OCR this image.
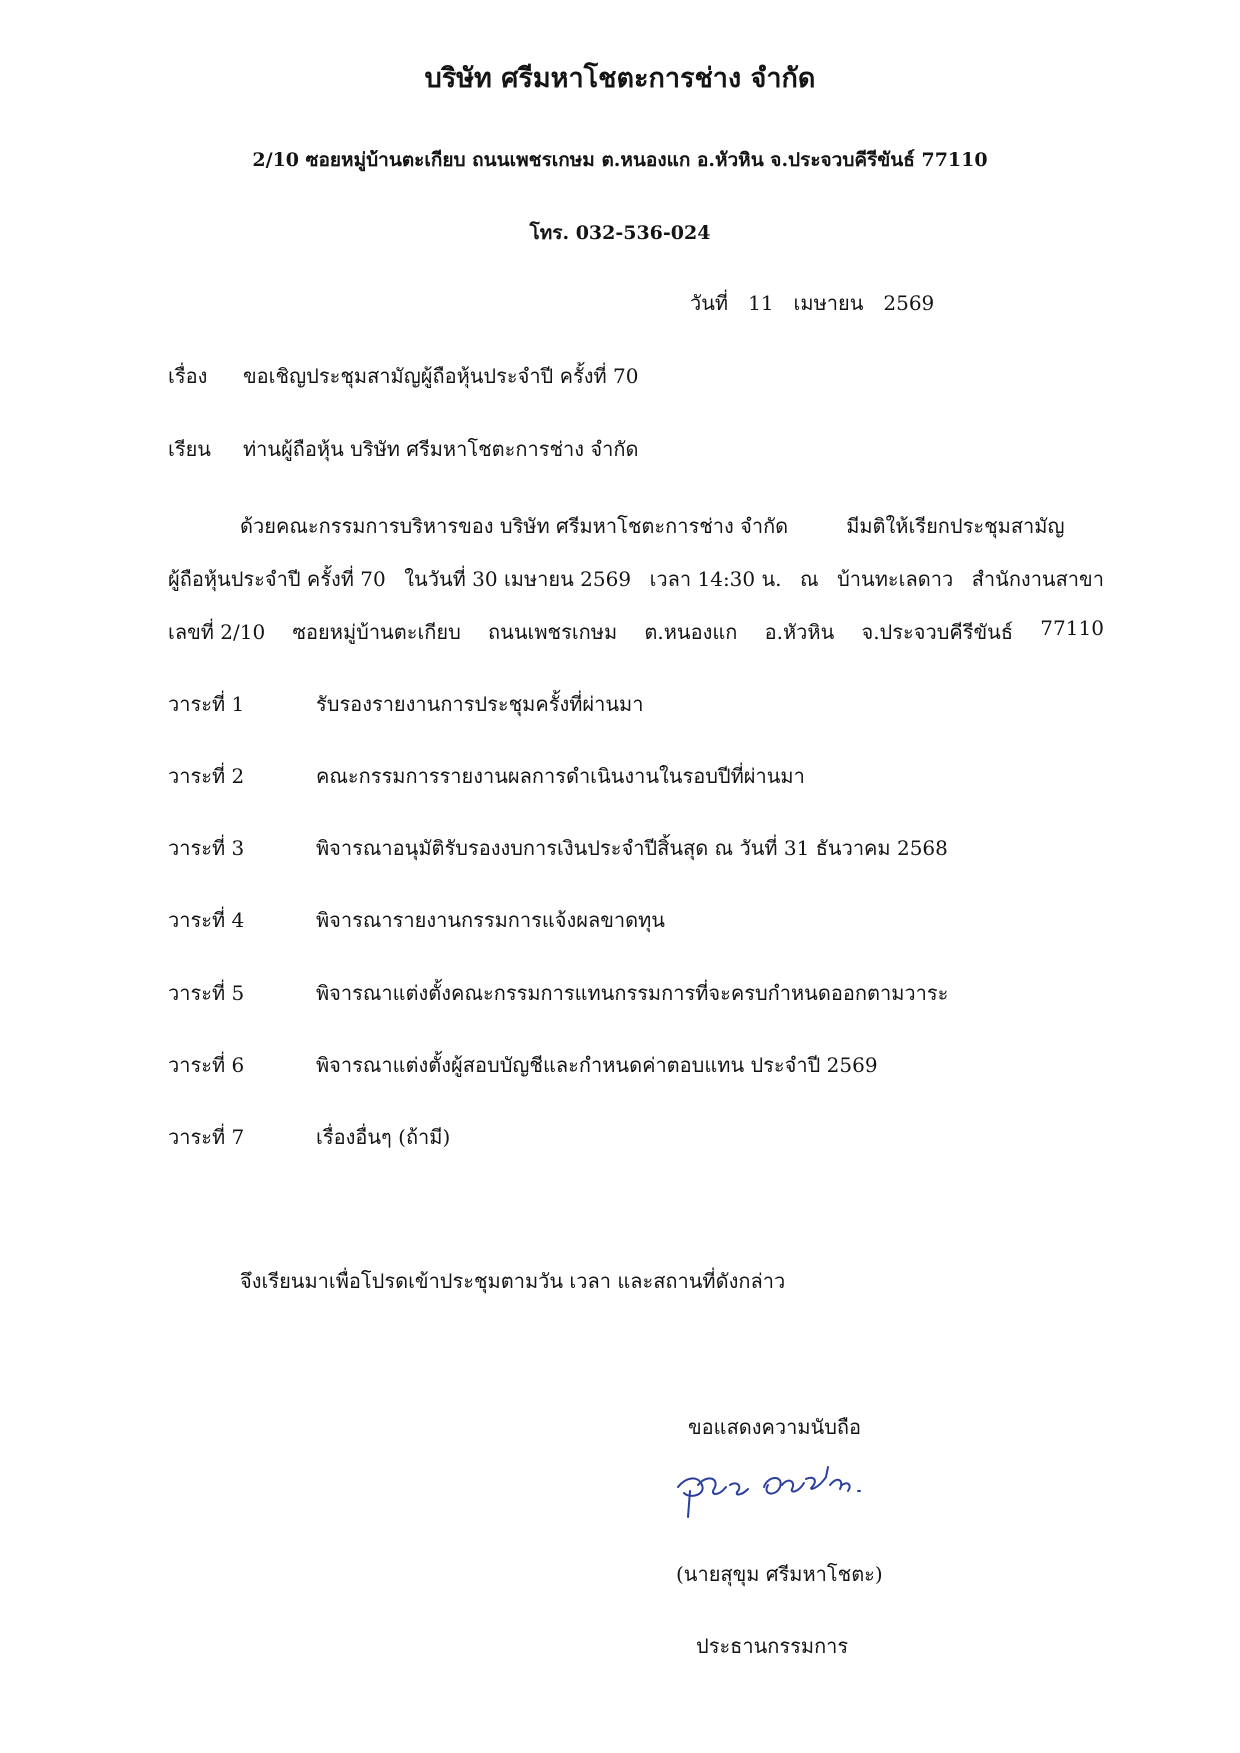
บริษัท ศรีมหาโชตะการช่าง จำกัด
2/10 ซอยหมู่บ้านตะเกียบ ถนนเพชรเกษม ต.หนองแก อ.หัวหิน จ.ประจวบคีรีขันธ์ 77110
โทร. 032-536-024
วันที่ 11 เมษายน 2569
เรื่อง ขอเชิญประชุมสามัญผู้ถือหุ้นประจำปี ครั้งที่ 70
เรียน ท่านผู้ถือหุ้น บริษัท ศรีมหาโชตะการช่าง จำกัด
ด้วยคณะกรรมการบริหารของ บริษัท ศรีมหาโชตะการช่าง จำกัด	มีมติให้เรียกประชุมสามัญ
ผู้ถือหุ้นประจำปี ครั้งที่ 70 ในวันที่ 30 เมษายน 2569 เวลา 14:30 น. ณ บ้านทะเลดาว สำนักงานสาขา
เลขที่ 2/10 ซอยหมู่บ้านตะเกียบ ถนนเพชรเกษม ต.หนองแก อ.หัวหิน จ.ประจวบคีรีขันธ์ 77110
วาระที่ 1	รับรองรายงานการประชุมครั้งที่ผ่านมา
วาระที่ 2	คณะกรรมการรายงานผลการดำเนินงานในรอบปีที่ผ่านมา
วาระที่ 3	พิจารณาอนุมัติรับรองงบการเงินประจำปีสิ้นสุด ณ วันที่ 31 ธันวาคม 2568
วาระที่ 4	พิจารณารายงานกรรมการแจ้งผลขาดทุน
วาระที่ 5	พิจารณาแต่งตั้งคณะกรรมการแทนกรรมการที่จะครบกำหนดออกตามวาระ
วาระที่ 6	พิจารณาแต่งตั้งผู้สอบบัญชีและกำหนดค่าตอบแทน ประจำปี 2569
วาระที่ 7	เรื่องอื่นๆ (ถ้ามี)
จึงเรียนมาเพื่อโปรดเข้าประชุมตามวัน เวลา และสถานที่ดังกล่าว
ขอแสดงความนับถือ
(นายสุขุม ศรีมหาโชตะ)
ประธานกรรมการ
